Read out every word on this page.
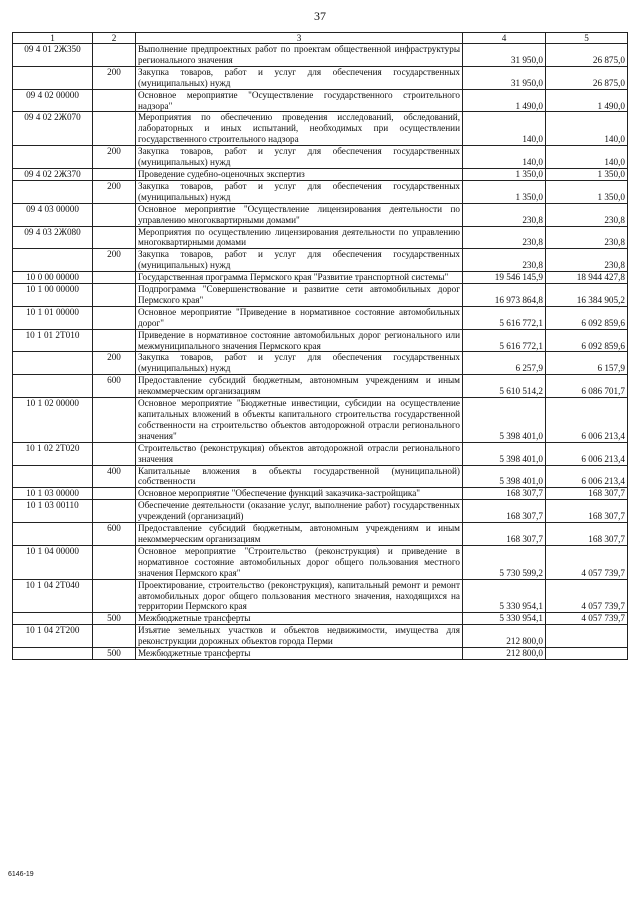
37
1	2	3	4	5
09 4 01 2Ж350		Выполнение предпроектных работ по проектам общественной инфраструктуры регионального значения	31 950,0	26 875,0
	200	Закупка товаров, работ и услуг для обеспечения государственных (муниципальных) нужд	31 950,0	26 875,0
09 4 02 00000		Основное мероприятие "Осуществление государственного строительного надзора"	1 490,0	1 490,0
09 4 02 2Ж070		Мероприятия по обеспечению проведения исследований, обследований, лабораторных и иных испытаний, необходимых при осуществлении государственного строительного надзора	140,0	140,0
	200	Закупка товаров, работ и услуг для обеспечения государственных (муниципальных) нужд	140,0	140,0
09 4 02 2Ж370		Проведение судебно-оценочных экспертиз	1 350,0	1 350,0
	200	Закупка товаров, работ и услуг для обеспечения государственных (муниципальных) нужд	1 350,0	1 350,0
09 4 03 00000		Основное мероприятие "Осуществление лицензирования деятельности по управлению многоквартирными домами"	230,8	230,8
09 4 03 2Ж080		Мероприятия по осуществлению лицензирования деятельности по управлению многоквартирными домами	230,8	230,8
	200	Закупка товаров, работ и услуг для обеспечения государственных (муниципальных) нужд	230,8	230,8
10 0 00 00000		Государственная программа Пермского края "Развитие транспортной системы"	19 546 145,9	18 944 427,8
10 1 00 00000		Подпрограмма "Совершенствование и развитие сети автомобильных дорог Пермского края"	16 973 864,8	16 384 905,2
10 1 01 00000		Основное мероприятие "Приведение в нормативное состояние автомобильных дорог"	5 616 772,1	6 092 859,6
10 1 01 2Т010		Приведение в нормативное состояние автомобильных дорог регионального или межмуниципального значения Пермского края	5 616 772,1	6 092 859,6
	200	Закупка товаров, работ и услуг для обеспечения государственных (муниципальных) нужд	6 257,9	6 157,9
	600	Предоставление субсидий бюджетным, автономным учреждениям и иным некоммерческим организациям	5 610 514,2	6 086 701,7
10 1 02 00000		Основное мероприятие "Бюджетные инвестиции, субсидии на осуществление капитальных вложений в объекты капитального строительства государственной собственности на строительство объектов автодорожной отрасли регионального значения"	5 398 401,0	6 006 213,4
10 1 02 2Т020		Строительство (реконструкция) объектов автодорожной отрасли регионального значения	5 398 401,0	6 006 213,4
	400	Капитальные вложения в объекты государственной (муниципальной) собственности	5 398 401,0	6 006 213,4
10 1 03 00000		Основное мероприятие "Обеспечение функций заказчика-застройщика"	168 307,7	168 307,7
10 1 03 00110		Обеспечение деятельности (оказание услуг, выполнение работ) государственных учреждений (организаций)	168 307,7	168 307,7
	600	Предоставление субсидий бюджетным, автономным учреждениям и иным некоммерческим организациям	168 307,7	168 307,7
10 1 04 00000		Основное мероприятие "Строительство (реконструкция) и приведение в нормативное состояние автомобильных дорог общего пользования местного значения Пермского края"	5 730 599,2	4 057 739,7
10 1 04 2Т040		Проектирование, строительство (реконструкция), капитальный ремонт и ремонт автомобильных дорог общего пользования местного значения, находящихся на территории Пермского края	5 330 954,1	4 057 739,7
	500	Межбюджетные трансферты	5 330 954,1	4 057 739,7
10 1 04 2Т200		Изъятие земельных участков и объектов недвижимости, имущества для реконструкции дорожных объектов города Перми	212 800,0	
	500	Межбюджетные трансферты	212 800,0	
6146-19
